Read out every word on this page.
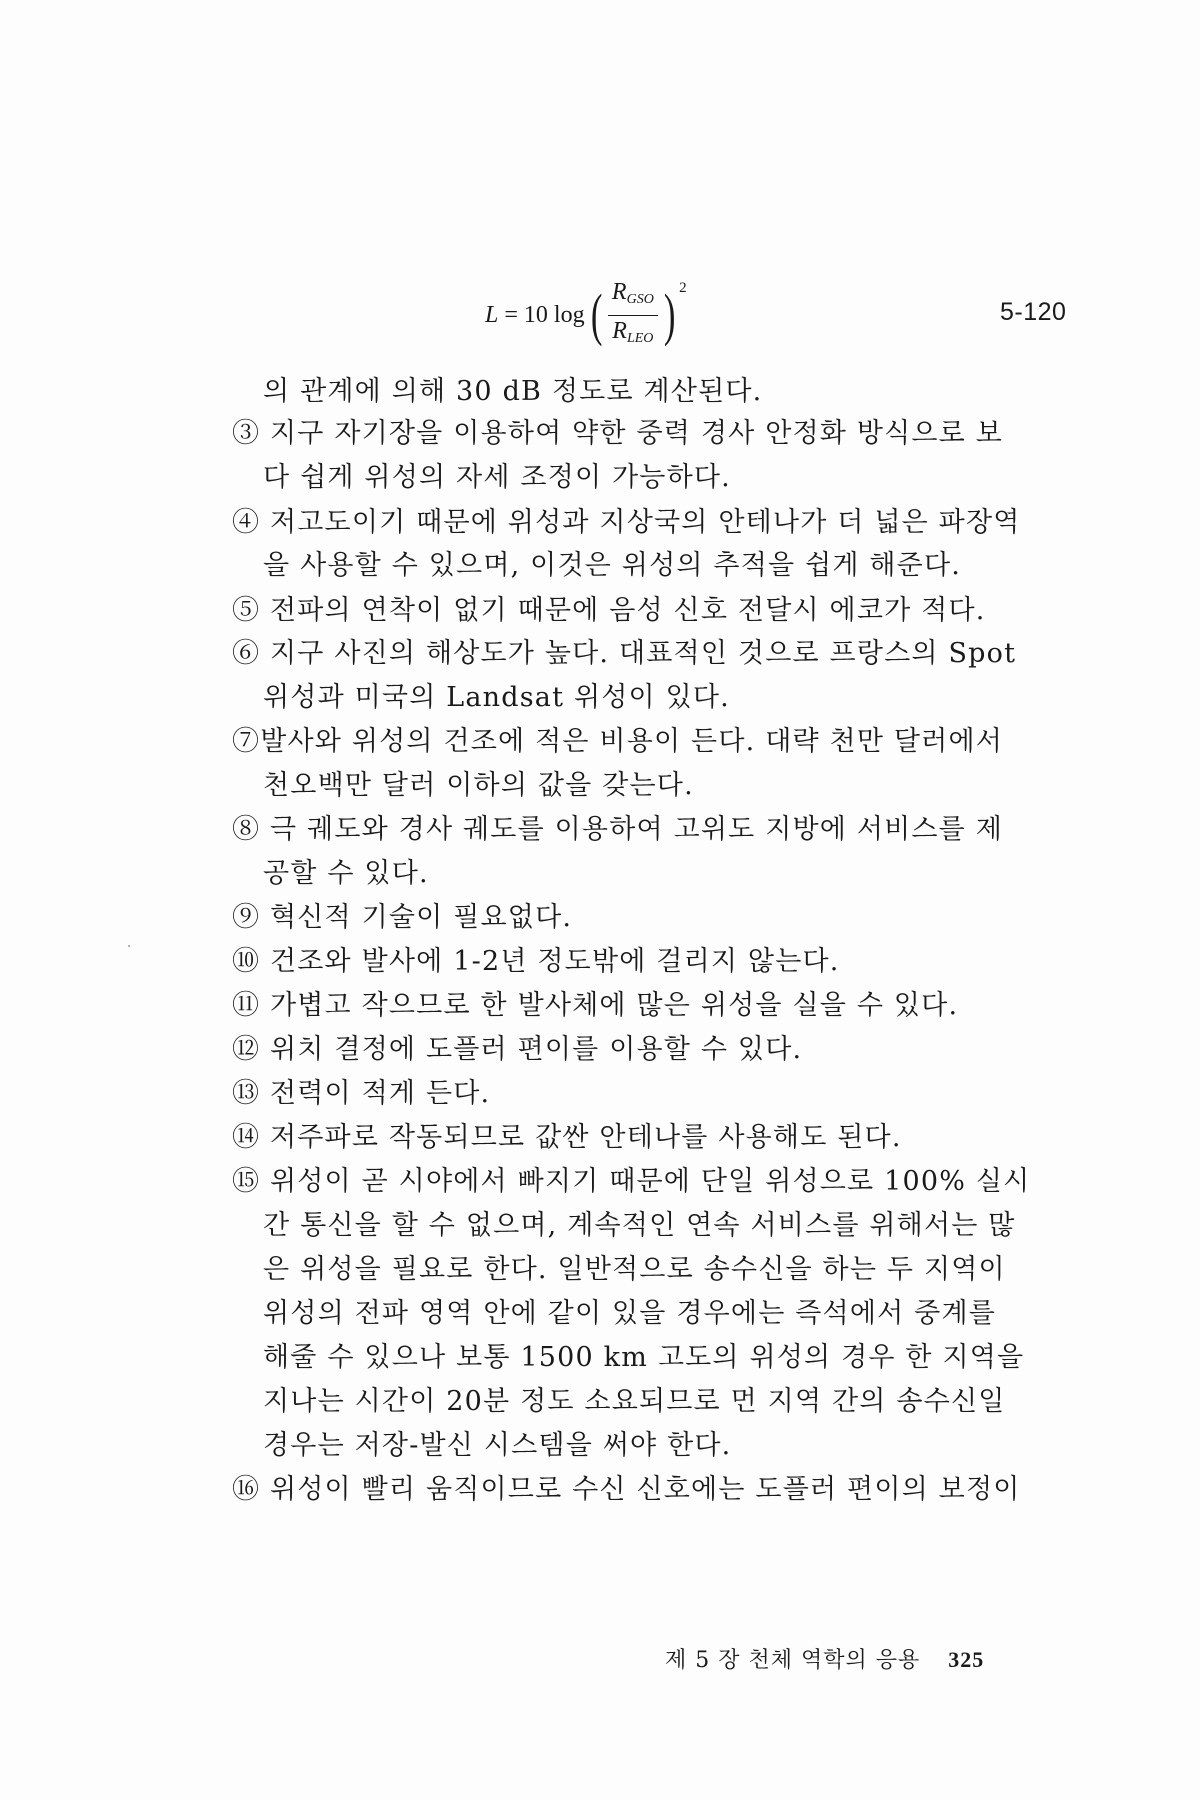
L = 10 log ( $\frac{R_{GSO}}{R_{LEO}}$ ) 2
5-120
의 관계에 의해 30 dB 정도로 계산된다.
③ 지구 자기장을 이용하여 약한 중력 경사 안정화 방식으로 보
다 쉽게 위성의 자세 조정이 가능하다.
④ 저고도이기 때문에 위성과 지상국의 안테나가 더 넓은 파장역
을 사용할 수 있으며, 이것은 위성의 추적을 쉽게 해준다.
⑤ 전파의 연착이 없기 때문에 음성 신호 전달시 에코가 적다.
⑥ 지구 사진의 해상도가 높다. 대표적인 것으로 프랑스의 Spot
위성과 미국의 Landsat 위성이 있다.
⑦발사와 위성의 건조에 적은 비용이 든다. 대략 천만 달러에서
천오백만 달러 이하의 값을 갖는다.
⑧ 극 궤도와 경사 궤도를 이용하여 고위도 지방에 서비스를 제
공할 수 있다.
⑨ 혁신적 기술이 필요없다.
⑩ 건조와 발사에 1-2년 정도밖에 걸리지 않는다.
⑪ 가볍고 작으므로 한 발사체에 많은 위성을 실을 수 있다.
⑫ 위치 결정에 도플러 편이를 이용할 수 있다.
⑬ 전력이 적게 든다.
⑭ 저주파로 작동되므로 값싼 안테나를 사용해도 된다.
⑮ 위성이 곧 시야에서 빠지기 때문에 단일 위성으로 100% 실시
간 통신을 할 수 없으며, 계속적인 연속 서비스를 위해서는 많
은 위성을 필요로 한다. 일반적으로 송수신을 하는 두 지역이
위성의 전파 영역 안에 같이 있을 경우에는 즉석에서 중계를
해줄 수 있으나 보통 1500 km 고도의 위성의 경우 한 지역을
지나는 시간이 20분 정도 소요되므로 먼 지역 간의 송수신일
경우는 저장-발신 시스템을 써야 한다.
⑯ 위성이 빨리 움직이므로 수신 신호에는 도플러 편이의 보정이
제 5 장 천체 역학의 응용 325
